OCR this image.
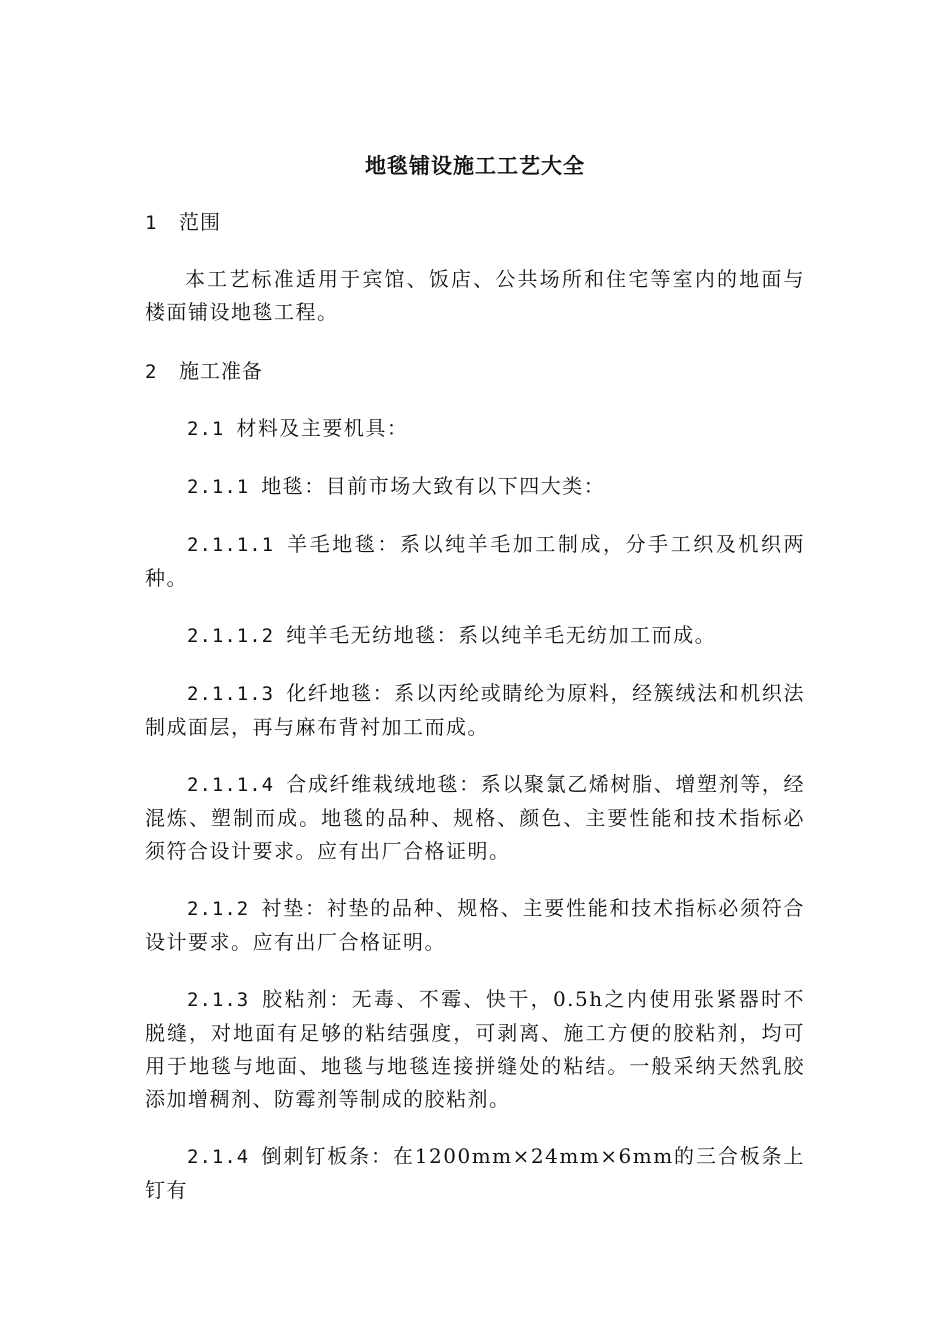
地毯铺设施工工艺大全

1 范围

本工艺标准适用于宾馆、饭店、公共场所和住宅等室内的地面与楼面铺设地毯工程。

2 施工准备

2.1 材料及主要机具：

2.1.1 地毯：目前市场大致有以下四大类：

2.1.1.1 羊毛地毯：系以纯羊毛加工制成，分手工织及机织两种。

2.1.1.2 纯羊毛无纺地毯：系以纯羊毛无纺加工而成。

2.1.1.3 化纤地毯：系以丙纶或睛纶为原料，经簇绒法和机织法制成面层，再与麻布背衬加工而成。

2.1.1.4 合成纤维栽绒地毯：系以聚氯乙烯树脂、增塑剂等，经混炼、塑制而成。地毯的品种、规格、颜色、主要性能和技术指标必须符合设计要求。应有出厂合格证明。

2.1.2 衬垫：衬垫的品种、规格、主要性能和技术指标必须符合设计要求。应有出厂合格证明。

2.1.3 胶粘剂：无毒、不霉、快干，0.5h之内使用张紧器时不脱缝，对地面有足够的粘结强度，可剥离、施工方便的胶粘剂，均可用于地毯与地面、地毯与地毯连接拼缝处的粘结。一般采纳天然乳胶添加增稠剂、防霉剂等制成的胶粘剂。

2.1.4 倒刺钉板条：在1200mm×24mm×6mm的三合板条上钉有
